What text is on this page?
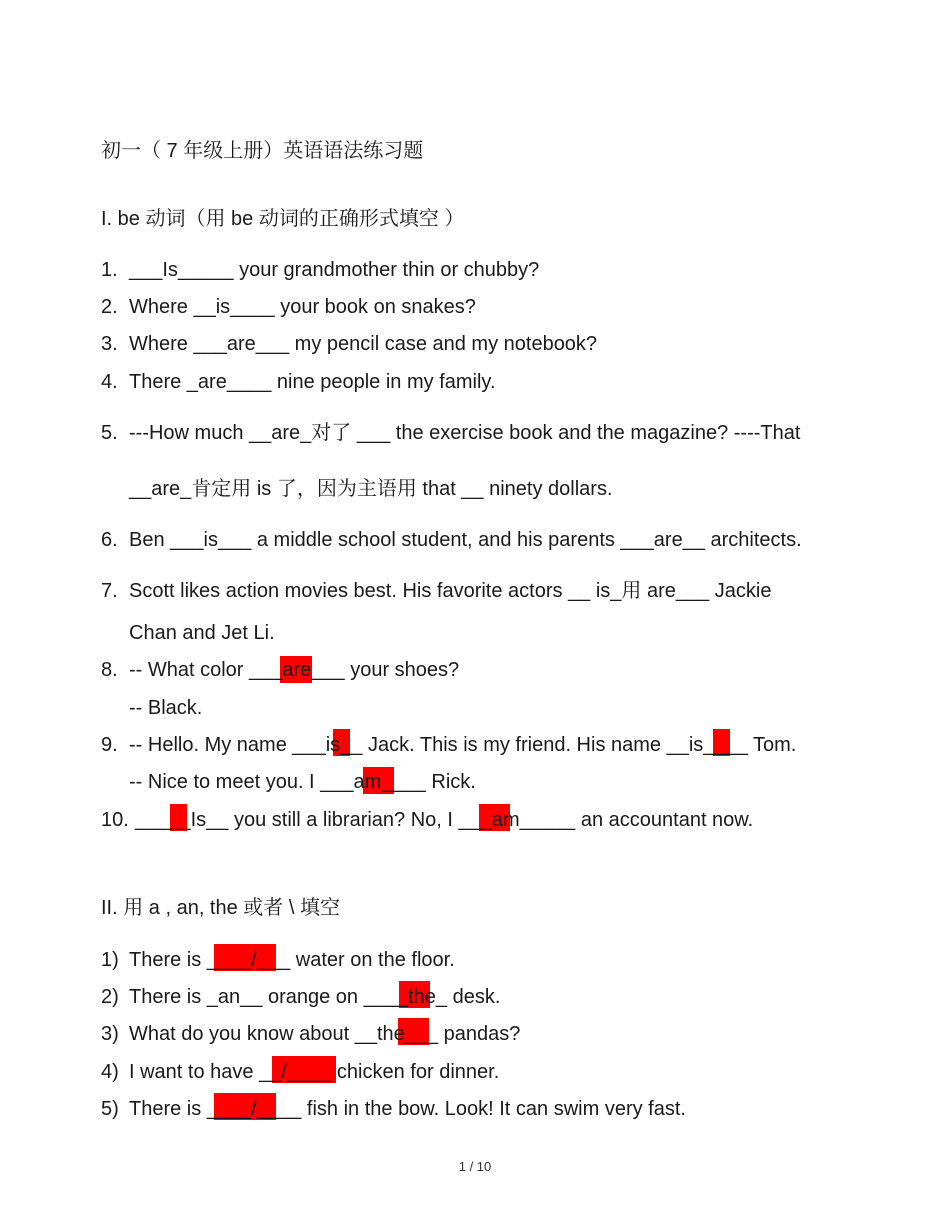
初一（ 7 年级上册）英语语法练习题
I. be 动词（用 be 动词的正确形式填空 ）
1. ___Is_____ your grandmother thin or chubby?
2. Where __is____ your book on snakes?
3. Where ___are___ my pencil case and my notebook?
4. There _are____ nine people in my family.
5. ---How much __are_对了 ___ the exercise book and the magazine? ----That
__are_肯定用 is 了，因为主语用 that __ ninety dollars.
6. Ben ___is___ a middle school student, and his parents ___are__ architects.
7. Scott likes action movies best. His favorite actors __ is_用 are___ Jackie
Chan and Jet Li.
8. -- What color ___are___ your shoes?
-- Black.
9. -- Hello. My name ___is__ Jack. This is my friend. His name __is____ Tom.
-- Nice to meet you. I ___am____ Rick.
10. _____Is__ you still a librarian? No, I ___am_____ an accountant now.
II. 用 a , an, the 或者 \ 填空
1) There is ____/___ water on the floor.
2) There is _an__ orange on ____the_ desk.
3) What do you know about __the___ pandas?
4) I want to have __/____ chicken for dinner.
5) There is ____/____ fish in the bow. Look! It can swim very fast.
1 / 10
